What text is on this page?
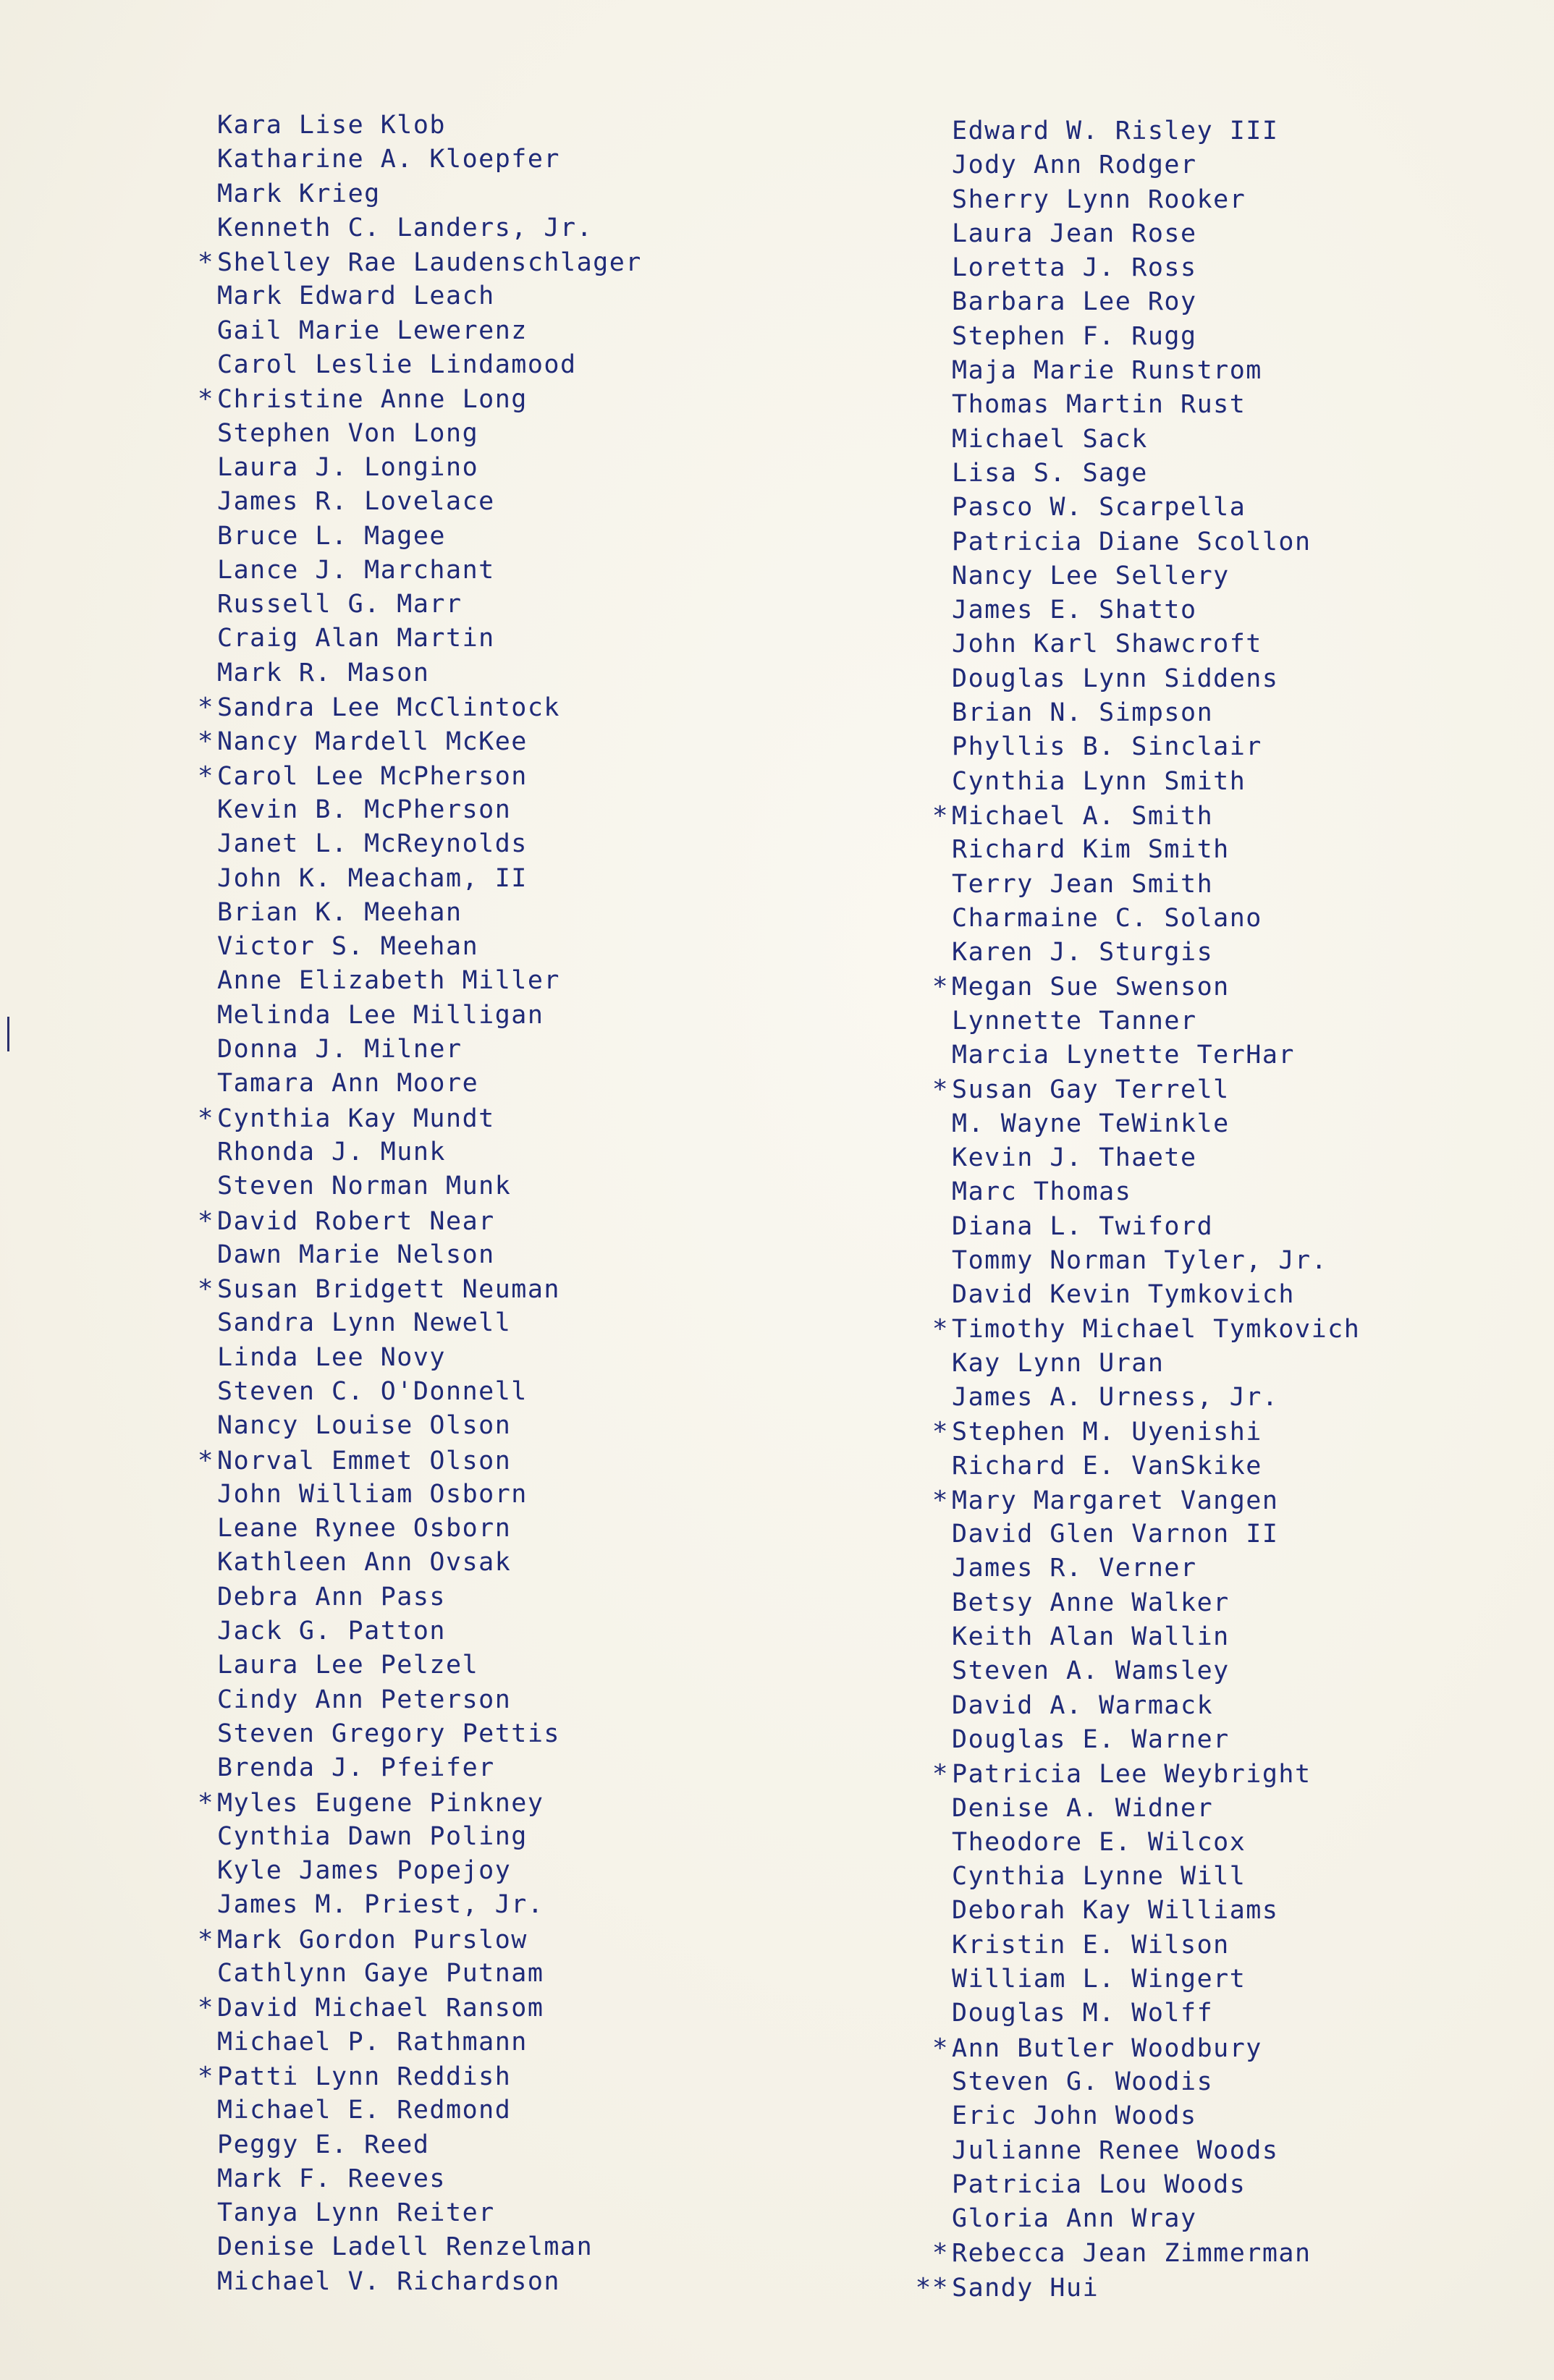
Kara Lise Klob
Katharine A. Kloepfer
Mark Krieg
Kenneth C. Landers, Jr.
* Shelley Rae Laudenschlager
Mark Edward Leach
Gail Marie Lewerenz
Carol Leslie Lindamood
* Christine Anne Long
Stephen Von Long
Laura J. Longino
James R. Lovelace
Bruce L. Magee
Lance J. Marchant
Russell G. Marr
Craig Alan Martin
Mark R. Mason
* Sandra Lee McClintock
* Nancy Mardell McKee
* Carol Lee McPherson
Kevin B. McPherson
Janet L. McReynolds
John K. Meacham, II
Brian K. Meehan
Victor S. Meehan
Anne Elizabeth Miller
Melinda Lee Milligan
Donna J. Milner
Tamara Ann Moore
* Cynthia Kay Mundt
Rhonda J. Munk
Steven Norman Munk
* David Robert Near
Dawn Marie Nelson
* Susan Bridgett Neuman
Sandra Lynn Newell
Linda Lee Novy
Steven C. O'Donnell
Nancy Louise Olson
* Norval Emmet Olson
John William Osborn
Leane Rynee Osborn
Kathleen Ann Ovsak
Debra Ann Pass
Jack G. Patton
Laura Lee Pelzel
Cindy Ann Peterson
Steven Gregory Pettis
Brenda J. Pfeifer
* Myles Eugene Pinkney
Cynthia Dawn Poling
Kyle James Popejoy
James M. Priest, Jr.
* Mark Gordon Purslow
Cathlynn Gaye Putnam
* David Michael Ransom
Michael P. Rathmann
* Patti Lynn Reddish
Michael E. Redmond
Peggy E. Reed
Mark F. Reeves
Tanya Lynn Reiter
Denise Ladell Renzelman
Michael V. Richardson
Edward W. Risley III
Jody Ann Rodger
Sherry Lynn Rooker
Laura Jean Rose
Loretta J. Ross
Barbara Lee Roy
Stephen F. Rugg
Maja Marie Runstrom
Thomas Martin Rust
Michael Sack
Lisa S. Sage
Pasco W. Scarpella
Patricia Diane Scollon
Nancy Lee Sellery
James E. Shatto
John Karl Shawcroft
Douglas Lynn Siddens
Brian N. Simpson
Phyllis B. Sinclair
Cynthia Lynn Smith
* Michael A. Smith
Richard Kim Smith
Terry Jean Smith
Charmaine C. Solano
Karen J. Sturgis
* Megan Sue Swenson
Lynnette Tanner
Marcia Lynette TerHar
* Susan Gay Terrell
M. Wayne TeWinkle
Kevin J. Thaete
Marc Thomas
Diana L. Twiford
Tommy Norman Tyler, Jr.
David Kevin Tymkovich
* Timothy Michael Tymkovich
Kay Lynn Uran
James A. Urness, Jr.
* Stephen M. Uyenishi
Richard E. VanSkike
* Mary Margaret Vangen
David Glen Varnon II
James R. Verner
Betsy Anne Walker
Keith Alan Wallin
Steven A. Wamsley
David A. Warmack
Douglas E. Warner
* Patricia Lee Weybright
Denise A. Widner
Theodore E. Wilcox
Cynthia Lynne Will
Deborah Kay Williams
Kristin E. Wilson
William L. Wingert
Douglas M. Wolff
* Ann Butler Woodbury
Steven G. Woodis
Eric John Woods
Julianne Renee Woods
Patricia Lou Woods
Gloria Ann Wray
* Rebecca Jean Zimmerman
** Sandy Hui
